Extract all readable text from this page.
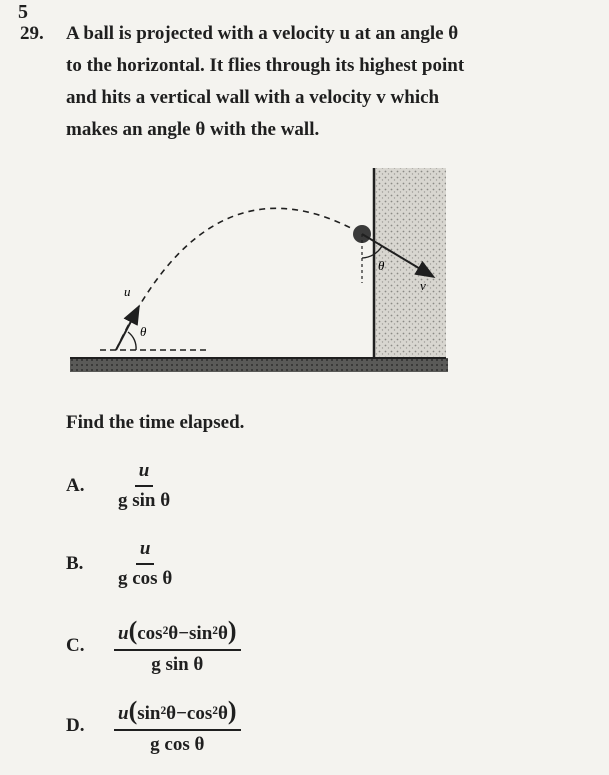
5
29. A ball is projected with a velocity u at an angle θ
to the horizontal. It flies through its highest point
and hits a vertical wall with a velocity v which
makes an angle θ with the wall.
u
θ
θ
v
Find the time elapsed.
A.	$\frac{u}{\text{g sin θ}}$
B.	$\frac{u}{\text{g cos θ}}$
C.	$\frac{\text{u(cos²θ−sin²θ)}}{\text{g sin θ}}$
D.	$\frac{\text{u(sin²θ−cos²θ)}}{\text{g cos θ}}$
